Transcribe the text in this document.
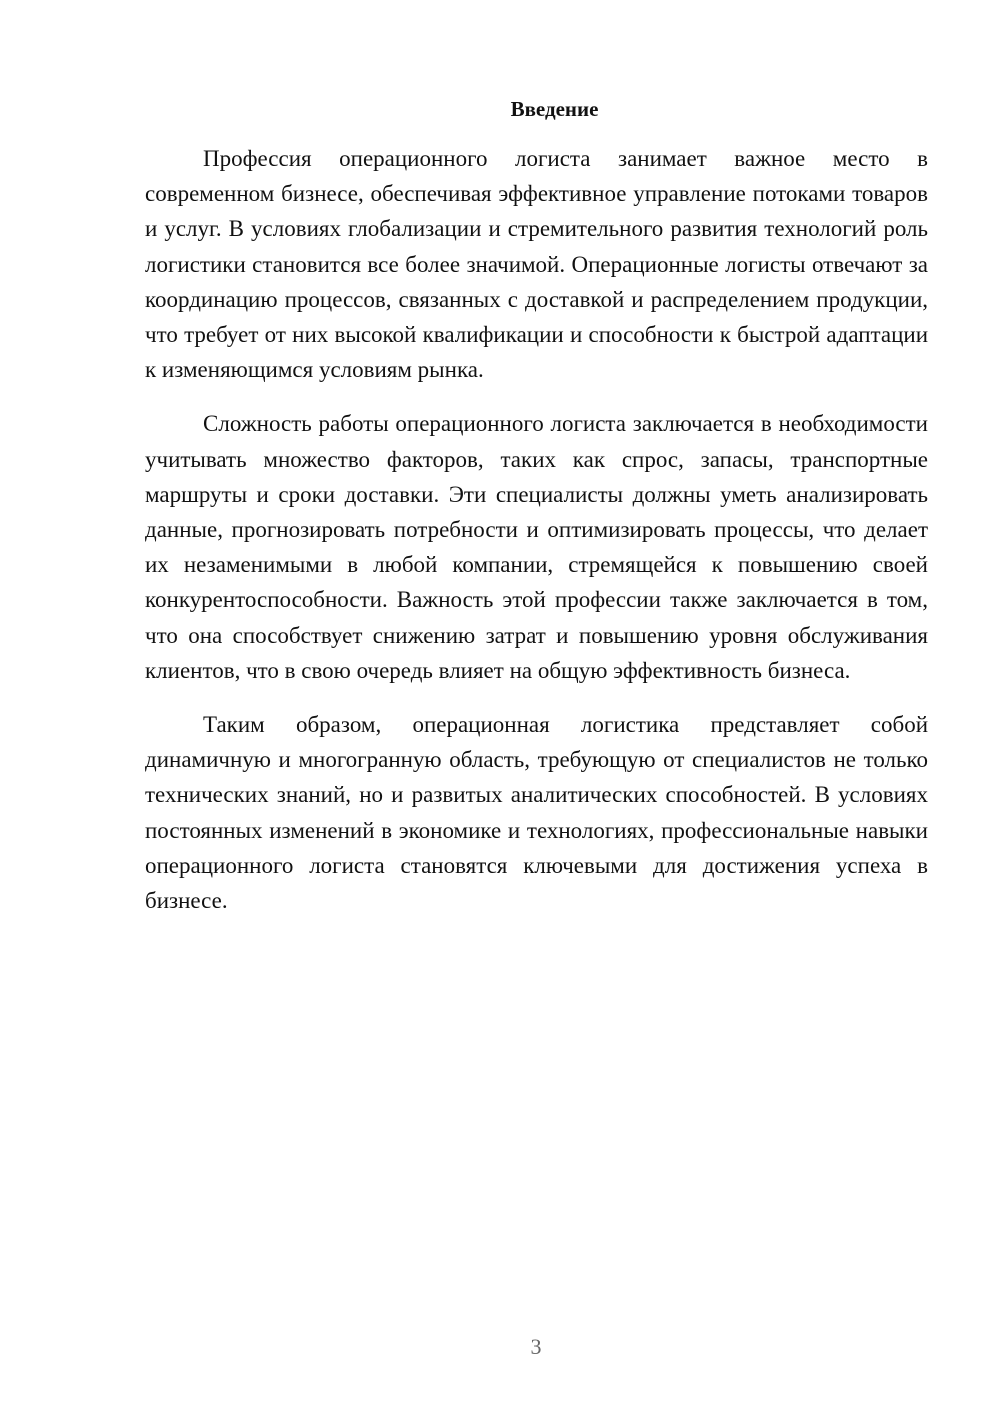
Введение

Профессия операционного логиста занимает важное место в современном бизнесе, обеспечивая эффективное управление потоками товаров и услуг. В условиях глобализации и стремительного развития технологий роль логистики становится все более значимой. Операционные логисты отвечают за координацию процессов, связанных с доставкой и распределением продукции, что требует от них высокой квалификации и способности к быстрой адаптации к изменяющимся условиям рынка.

Сложность работы операционного логиста заключается в необходимости учитывать множество факторов, таких как спрос, запасы, транспортные маршруты и сроки доставки. Эти специалисты должны уметь анализировать данные, прогнозировать потребности и оптимизировать процессы, что делает их незаменимыми в любой компании, стремящейся к повышению своей конкурентоспособности. Важность этой профессии также заключается в том, что она способствует снижению затрат и повышению уровня обслуживания клиентов, что в свою очередь влияет на общую эффективность бизнеса.

Таким образом, операционная логистика представляет собой динамичную и многогранную область, требующую от специалистов не только технических знаний, но и развитых аналитических способностей. В условиях постоянных изменений в экономике и технологиях, профессиональные навыки операционного логиста становятся ключевыми для достижения успеха в бизнесе.

3
